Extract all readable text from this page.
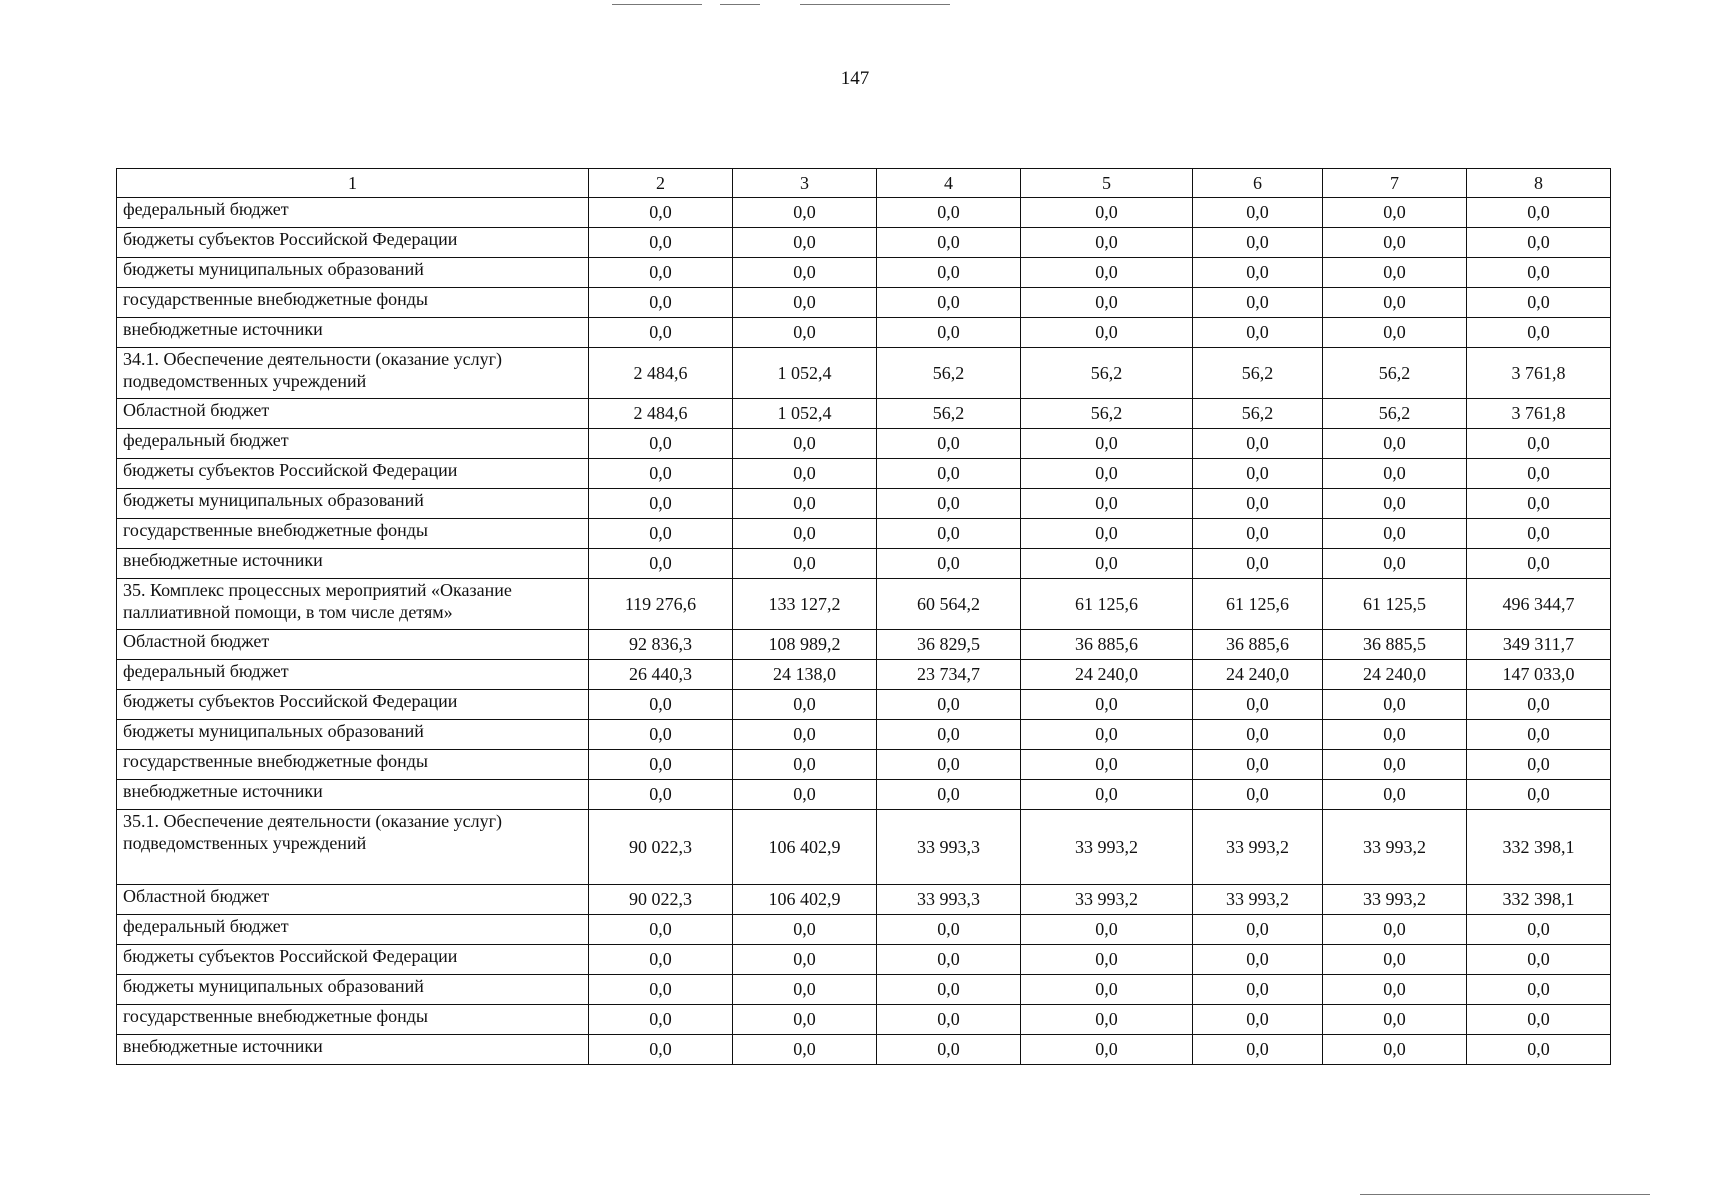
147
1	2	3	4	5	6	7	8
федеральный бюджет	0,0	0,0	0,0	0,0	0,0	0,0	0,0
бюджеты субъектов Российской Федерации	0,0	0,0	0,0	0,0	0,0	0,0	0,0
бюджеты муниципальных образований	0,0	0,0	0,0	0,0	0,0	0,0	0,0
государственные внебюджетные фонды	0,0	0,0	0,0	0,0	0,0	0,0	0,0
внебюджетные источники	0,0	0,0	0,0	0,0	0,0	0,0	0,0
34.1. Обеспечение деятельности (оказание услуг) подведомственных учреждений	2 484,6	1 052,4	56,2	56,2	56,2	56,2	3 761,8
Областной бюджет	2 484,6	1 052,4	56,2	56,2	56,2	56,2	3 761,8
федеральный бюджет	0,0	0,0	0,0	0,0	0,0	0,0	0,0
бюджеты субъектов Российской Федерации	0,0	0,0	0,0	0,0	0,0	0,0	0,0
бюджеты муниципальных образований	0,0	0,0	0,0	0,0	0,0	0,0	0,0
государственные внебюджетные фонды	0,0	0,0	0,0	0,0	0,0	0,0	0,0
внебюджетные источники	0,0	0,0	0,0	0,0	0,0	0,0	0,0
35. Комплекс процессных мероприятий «Оказание паллиативной помощи, в том числе детям»	119 276,6	133 127,2	60 564,2	61 125,6	61 125,6	61 125,5	496 344,7
Областной бюджет	92 836,3	108 989,2	36 829,5	36 885,6	36 885,6	36 885,5	349 311,7
федеральный бюджет	26 440,3	24 138,0	23 734,7	24 240,0	24 240,0	24 240,0	147 033,0
бюджеты субъектов Российской Федерации	0,0	0,0	0,0	0,0	0,0	0,0	0,0
бюджеты муниципальных образований	0,0	0,0	0,0	0,0	0,0	0,0	0,0
государственные внебюджетные фонды	0,0	0,0	0,0	0,0	0,0	0,0	0,0
внебюджетные источники	0,0	0,0	0,0	0,0	0,0	0,0	0,0
35.1. Обеспечение деятельности (оказание услуг) подведомственных учреждений	90 022,3	106 402,9	33 993,3	33 993,2	33 993,2	33 993,2	332 398,1
Областной бюджет	90 022,3	106 402,9	33 993,3	33 993,2	33 993,2	33 993,2	332 398,1
федеральный бюджет	0,0	0,0	0,0	0,0	0,0	0,0	0,0
бюджеты субъектов Российской Федерации	0,0	0,0	0,0	0,0	0,0	0,0	0,0
бюджеты муниципальных образований	0,0	0,0	0,0	0,0	0,0	0,0	0,0
государственные внебюджетные фонды	0,0	0,0	0,0	0,0	0,0	0,0	0,0
внебюджетные источники	0,0	0,0	0,0	0,0	0,0	0,0	0,0
